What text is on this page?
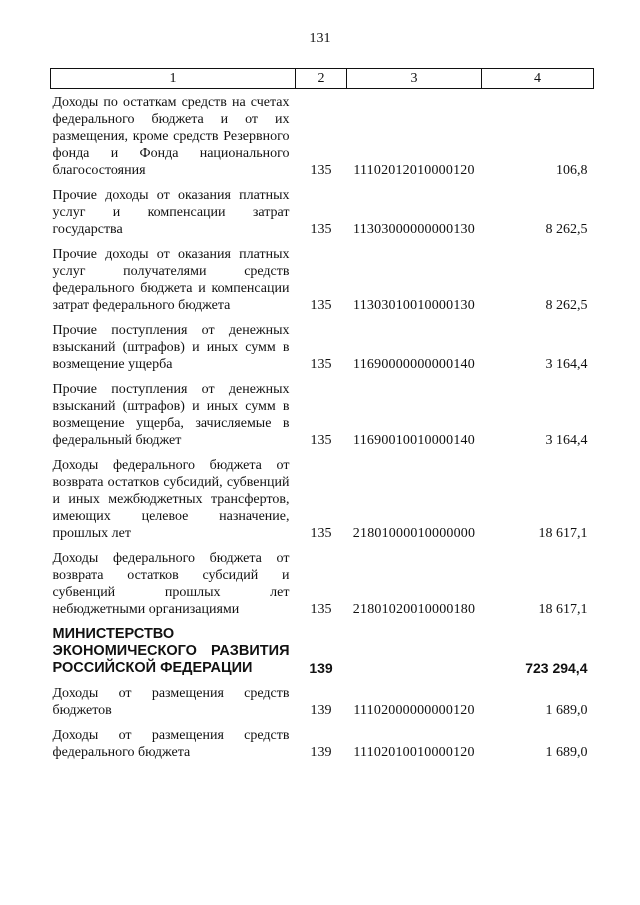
131
1	2	3	4
Доходы по остаткам средств на счетах федерального бюджета и от их размещения, кроме средств Резервного фонда и Фонда национального благосостояния	135	11102012010000120	106,8
Прочие доходы от оказания платных услуг и компенсации затрат государства	135	11303000000000130	8 262,5
Прочие доходы от оказания платных услуг получателями средств федерального бюджета и компенсации затрат федерального бюджета	135	11303010010000130	8 262,5
Прочие поступления от денежных взысканий (штрафов) и иных сумм в возмещение ущерба	135	11690000000000140	3 164,4
Прочие поступления от денежных взысканий (штрафов) и иных сумм в возмещение ущерба, зачисляемые в федеральный бюджет	135	11690010010000140	3 164,4
Доходы федерального бюджета от возврата остатков субсидий, субвенций и иных межбюджетных трансфертов, имеющих целевое назначение, прошлых лет	135	21801000010000000	18 617,1
Доходы федерального бюджета от возврата остатков субсидий и субвенций прошлых лет небюджетными организациями	135	21801020010000180	18 617,1
МИНИСТЕРСТВО ЭКОНОМИЧЕСКОГО РАЗВИТИЯ РОССИЙСКОЙ ФЕДЕРАЦИИ	139		723 294,4
Доходы от размещения средств бюджетов	139	11102000000000120	1 689,0
Доходы от размещения средств федерального бюджета	139	11102010010000120	1 689,0
